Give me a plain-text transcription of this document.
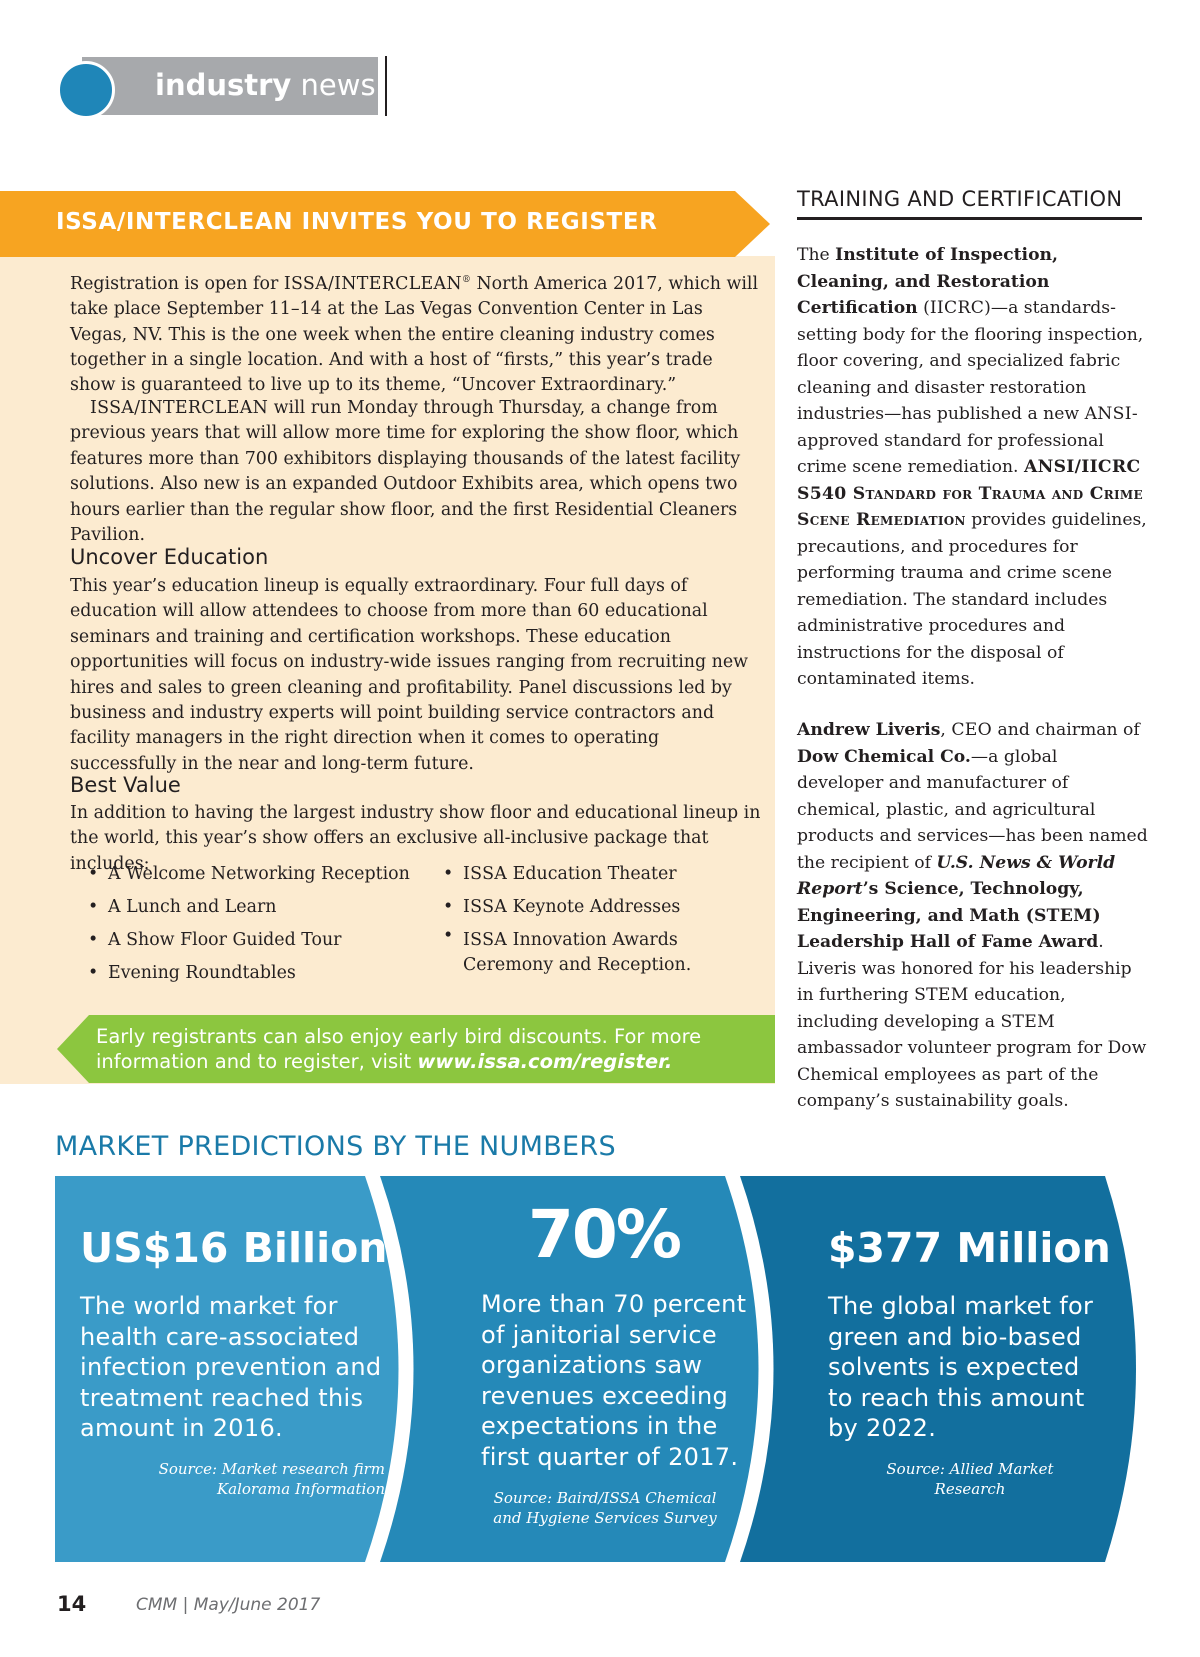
industry news
ISSA/INTERCLEAN INVITES YOU TO REGISTER

Registration is open for ISSA/INTERCLEAN® North America 2017, which will take place September 11–14 at the Las Vegas Convention Center in Las Vegas, NV. This is the one week when the entire cleaning industry comes together in a single location. And with a host of “firsts,” this year’s trade show is guaranteed to live up to its theme, “Uncover Extraordinary.”

ISSA/INTERCLEAN will run Monday through Thursday, a change from previous years that will allow more time for exploring the show floor, which features more than 700 exhibitors displaying thousands of the latest facility solutions. Also new is an expanded Outdoor Exhibits area, which opens two hours earlier than the regular show floor, and the first Residential Cleaners Pavilion.

Uncover Education

This year’s education lineup is equally extraordinary. Four full days of education will allow attendees to choose from more than 60 educational seminars and training and certification workshops. These education opportunities will focus on industry-wide issues ranging from recruiting new hires and sales to green cleaning and profitability. Panel discussions led by business and industry experts will point building service contractors and facility managers in the right direction when it comes to operating successfully in the near and long-term future.

Best Value

In addition to having the largest industry show floor and educational lineup in the world, this year’s show offers an exclusive all-inclusive package that includes:

• A Welcome Networking Reception
• A Lunch and Learn
• A Show Floor Guided Tour
• Evening Roundtables
• ISSA Education Theater
• ISSA Keynote Addresses
• ISSA Innovation Awards Ceremony and Reception.

Early registrants can also enjoy early bird discounts. For more information and to register, visit www.issa.com/register.

TRAINING AND CERTIFICATION

The Institute of Inspection, Cleaning, and Restoration Certification (IICRC)—a standards-setting body for the flooring inspection, floor covering, and specialized fabric cleaning and disaster restoration industries—has published a new ANSI-approved standard for professional crime scene remediation. ANSI/IICRC S540 Standard for Trauma and Crime Scene Remediation provides guidelines, precautions, and procedures for performing trauma and crime scene remediation. The standard includes administrative procedures and instructions for the disposal of contaminated items.

Andrew Liveris, CEO and chairman of Dow Chemical Co.—a global developer and manufacturer of chemical, plastic, and agricultural products and services—has been named the recipient of U.S. News & World Report’s Science, Technology, Engineering, and Math (STEM) Leadership Hall of Fame Award. Liveris was honored for his leadership in furthering STEM education, including developing a STEM ambassador volunteer program for Dow Chemical employees as part of the company’s sustainability goals.

MARKET PREDICTIONS BY THE NUMBERS
US$16 Billion

The world market for health care-associated infection prevention and treatment reached this amount in 2016.

Source: Market research firm Kalorama Information

70%

More than 70 percent of janitorial service organizations saw revenues exceeding expectations in the first quarter of 2017.

Source: Baird/ISSA Chemical and Hygiene Services Survey

$377 Million

The global market for green and bio-based solvents is expected to reach this amount by 2022.

Source: Allied Market Research

14	CMM | May/June 2017
